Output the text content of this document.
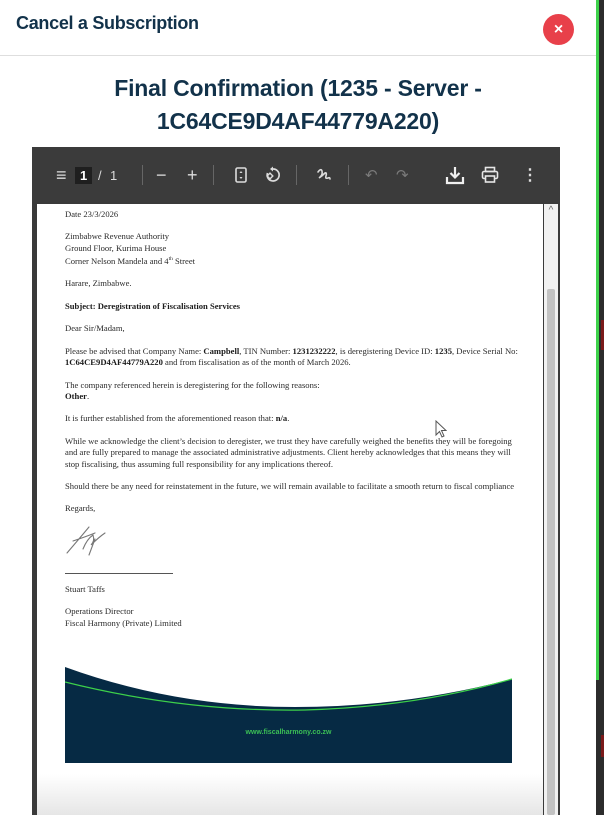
Cancel a Subscription	×
Final Confirmation (1235 - Server -
1C64CE9D4AF44779A220)
≡	1 / 1 − +	↶ ↷	⋮

Date 23/3/2026

Zimbabwe Revenue Authority
Ground Floor, Kurima House
Corner Nelson Mandela and 4th Street

Harare, Zimbabwe.

Subject: Deregistration of Fiscalisation Services

Dear Sir/Madam,

Please be advised that Company Name: Campbell, TIN Number: 1231232222, is deregistering Device ID: 1235, Device Serial No: 1C64CE9D4AF44779A220 and from fiscalisation as of the month of March 2026.

The company referenced herein is deregistering for the following reasons:
Other.

It is further established from the aforementioned reason that: n/a.

While we acknowledge the client’s decision to deregister, we trust they have carefully weighed the benefits they will be foregoing and are fully prepared to manage the associated administrative adjustments. Client hereby acknowledges that this means they will stop fiscalising, thus assuming full responsibility for any implications thereof.

Should there be any need for reinstatement in the future, we will remain available to facilitate a smooth return to fiscal compliance

Regards,

Stuart Taffs

Operations Director
Fiscal Harmony (Private) Limited

www.fiscalharmony.co.zw
^
